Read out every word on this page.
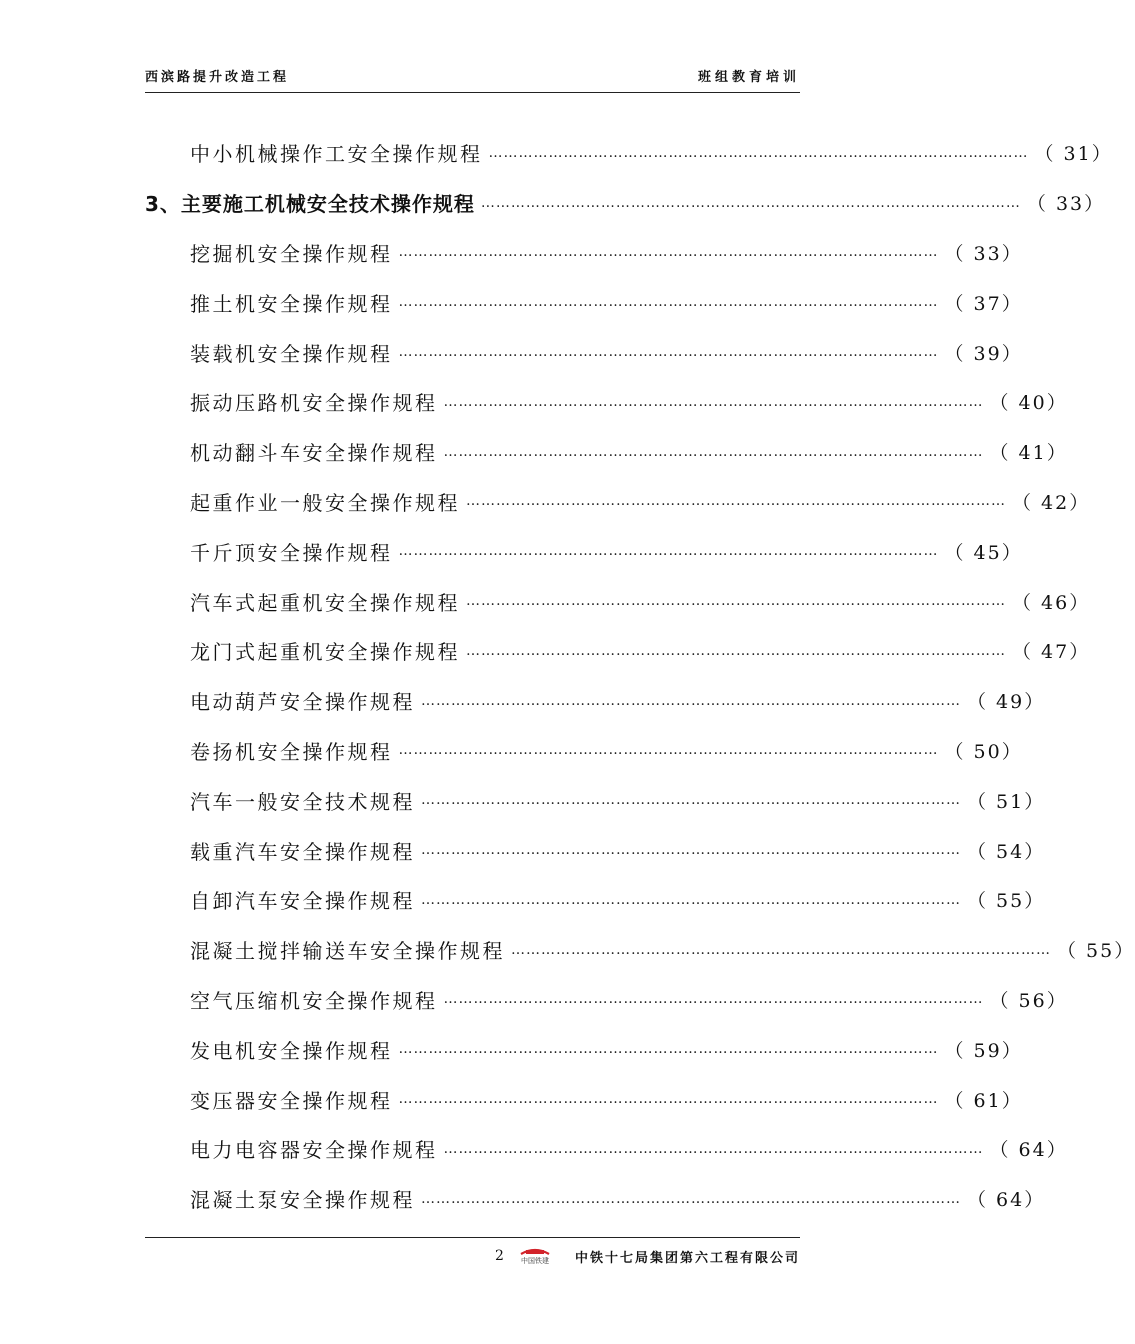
西滨路提升改造工程	班组教育培训
中小机械操作工安全操作规程 ……………………………………………………………………………………………… （ 31）
3、主要施工机械安全技术操作规程 ……………………………………………………………………………………………… （ 33）
挖掘机安全操作规程 ……………………………………………………………………………………………… （ 33）
推土机安全操作规程 ……………………………………………………………………………………………… （ 37）
装载机安全操作规程 ……………………………………………………………………………………………… （ 39）
振动压路机安全操作规程 ……………………………………………………………………………………………… （ 40）
机动翻斗车安全操作规程 ……………………………………………………………………………………………… （ 41）
起重作业一般安全操作规程 ……………………………………………………………………………………………… （ 42）
千斤顶安全操作规程 ……………………………………………………………………………………………… （ 45）
汽车式起重机安全操作规程 ……………………………………………………………………………………………… （ 46）
龙门式起重机安全操作规程 ……………………………………………………………………………………………… （ 47）
电动葫芦安全操作规程 ……………………………………………………………………………………………… （ 49）
卷扬机安全操作规程 ……………………………………………………………………………………………… （ 50）
汽车一般安全技术规程 ……………………………………………………………………………………………… （ 51）
载重汽车安全操作规程 ……………………………………………………………………………………………… （ 54）
自卸汽车安全操作规程 ……………………………………………………………………………………………… （ 55）
混凝土搅拌输送车安全操作规程 ……………………………………………………………………………………………… （ 55）
空气压缩机安全操作规程 ……………………………………………………………………………………………… （ 56）
发电机安全操作规程 ……………………………………………………………………………………………… （ 59）
变压器安全操作规程 ……………………………………………………………………………………………… （ 61）
电力电容器安全操作规程 ……………………………………………………………………………………………… （ 64）
混凝土泵安全操作规程 ……………………………………………………………………………………………… （ 64）
2 中国铁建 中铁十七局集团第六工程有限公司
